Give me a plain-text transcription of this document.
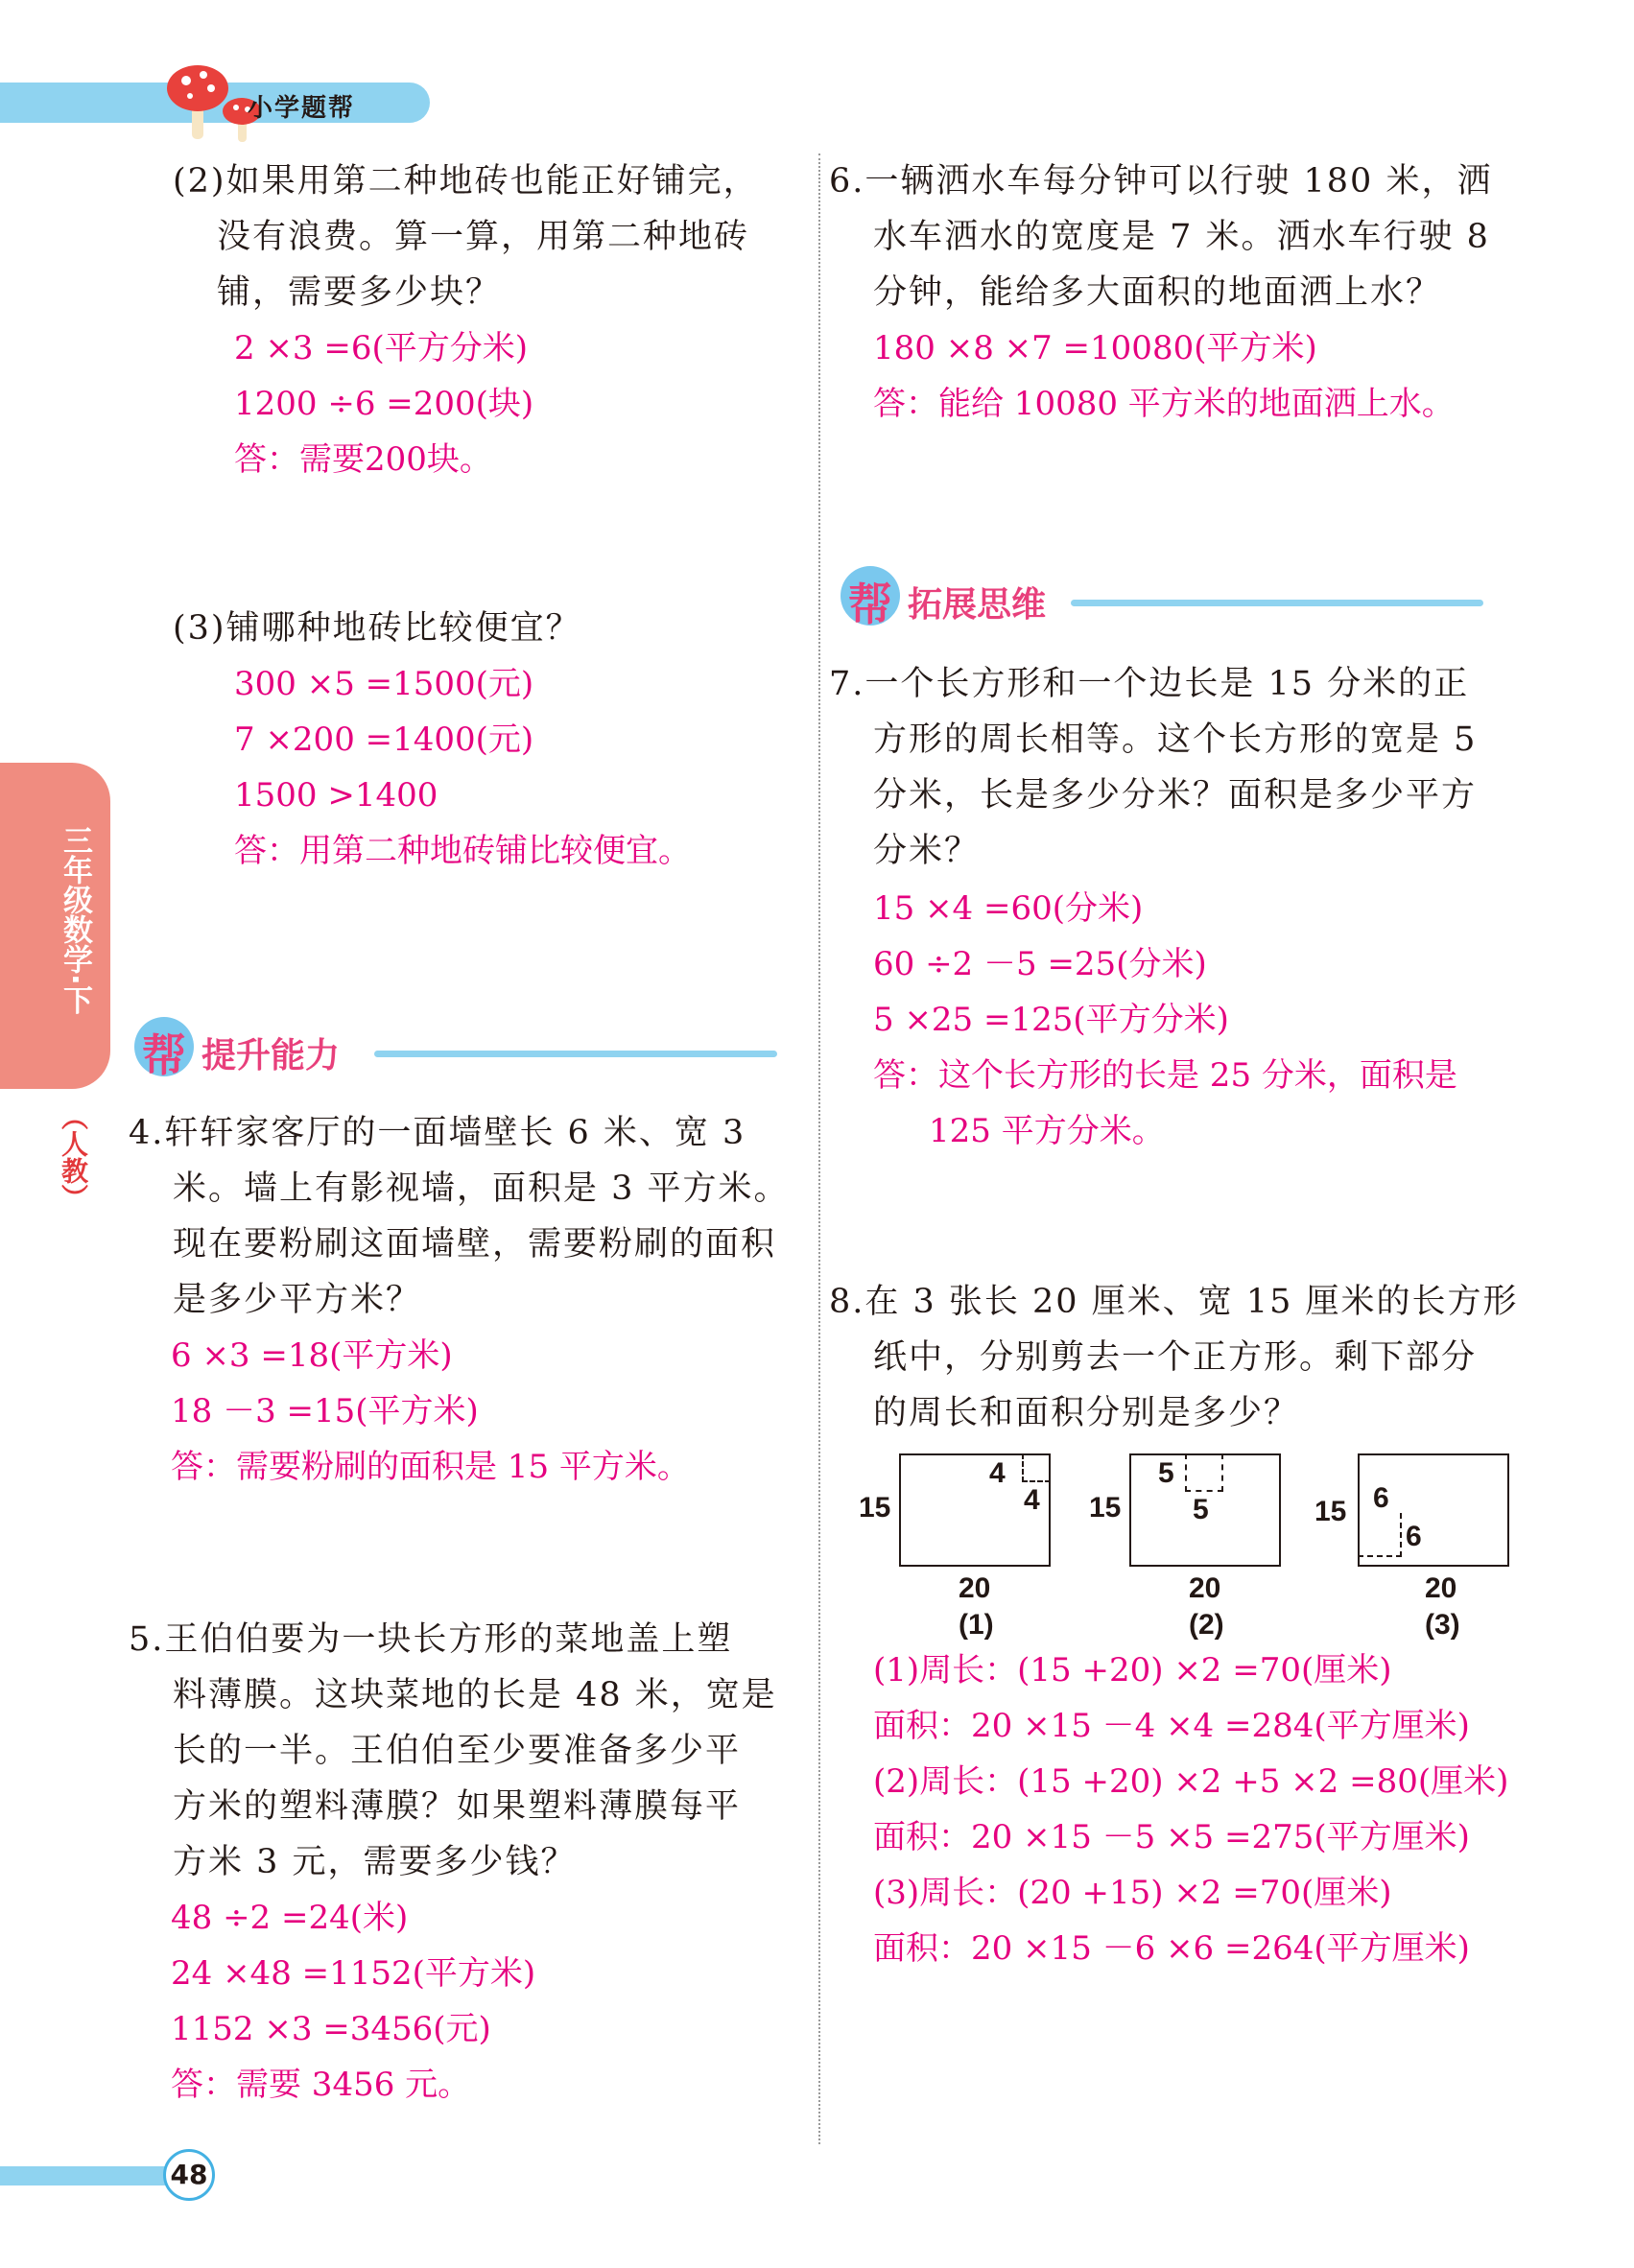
小学题帮
三年级数学·下
（人教）
(2)如果用第二种地砖也能正好铺完，
没有浪费。算一算，用第二种地砖
铺，需要多少块？
2 ×3 =6(平方分米)
1200 ÷6 =200(块)
答：需要200块。
(3)铺哪种地砖比较便宜？
300 ×5 =1500(元)
7 ×200 =1400(元)
1500 >1400
答：用第二种地砖铺比较便宜。
帮 提升能力
4.轩轩家客厅的一面墙壁长 6 米、宽 3
米。墙上有影视墙，面积是 3 平方米。
现在要粉刷这面墙壁，需要粉刷的面积
是多少平方米？
6 ×3 =18(平方米)
18 －3 =15(平方米)
答：需要粉刷的面积是 15 平方米。
5.王伯伯要为一块长方形的菜地盖上塑
料薄膜。这块菜地的长是 48 米，宽是
长的一半。王伯伯至少要准备多少平
方米的塑料薄膜？如果塑料薄膜每平
方米 3 元，需要多少钱？
48 ÷2 =24(米)
24 ×48 =1152(平方米)
1152 ×3 =3456(元)
答：需要 3456 元。
6.一辆洒水车每分钟可以行驶 180 米，洒
水车洒水的宽度是 7 米。洒水车行驶 8
分钟，能给多大面积的地面洒上水？
180 ×8 ×7 =10080(平方米)
答：能给 10080 平方米的地面洒上水。
帮 拓展思维
7.一个长方形和一个边长是 15 分米的正
方形的周长相等。这个长方形的宽是 5
分米，长是多少分米？面积是多少平方
分米？
15 ×4 =60(分米)
60 ÷2 －5 =25(分米)
5 ×25 =125(平方分米)
答：这个长方形的长是 25 分米，面积是
125 平方分米。
8.在 3 张长 20 厘米、宽 15 厘米的长方形
纸中，分别剪去一个正方形。剩下部分
的周长和面积分别是多少？
15
4
4
20
(1)
15
5
5
20
(2)
15 6
6
20
(3)
(1)周长：(15 +20) ×2 =70(厘米)
面积：20 ×15 －4 ×4 =284(平方厘米)
(2)周长：(15 +20) ×2 +5 ×2 =80(厘米)
面积：20 ×15 －5 ×5 =275(平方厘米)
(3)周长：(20 +15) ×2 =70(厘米)
面积：20 ×15 －6 ×6 =264(平方厘米)
48
